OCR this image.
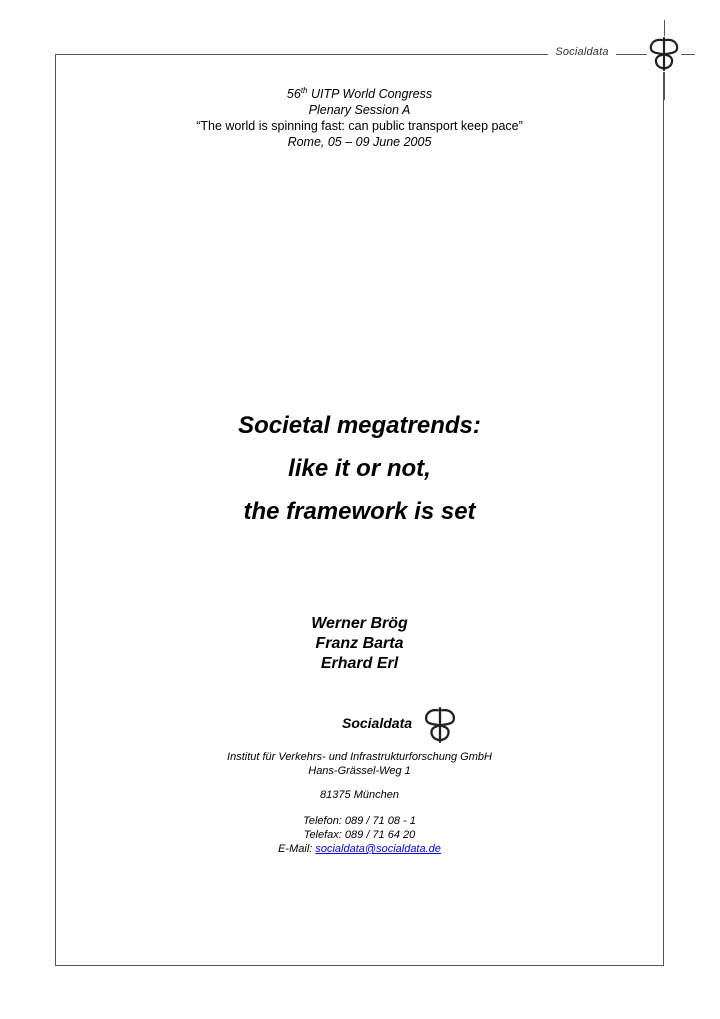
Socialdata
56th UITP World Congress
Plenary Session A
“The world is spinning fast: can public transport keep pace”
Rome, 05 – 09 June 2005
Societal megatrends:
like it or not,
the framework is set
Werner Brög
Franz Barta
Erhard Erl
Socialdata
Institut für Verkehrs- und Infrastrukturforschung GmbH
Hans-Grässel-Weg 1
81375 München
Telefon: 089 / 71 08 - 1
Telefax: 089 / 71 64 20
E-Mail: socialdata@socialdata.de
